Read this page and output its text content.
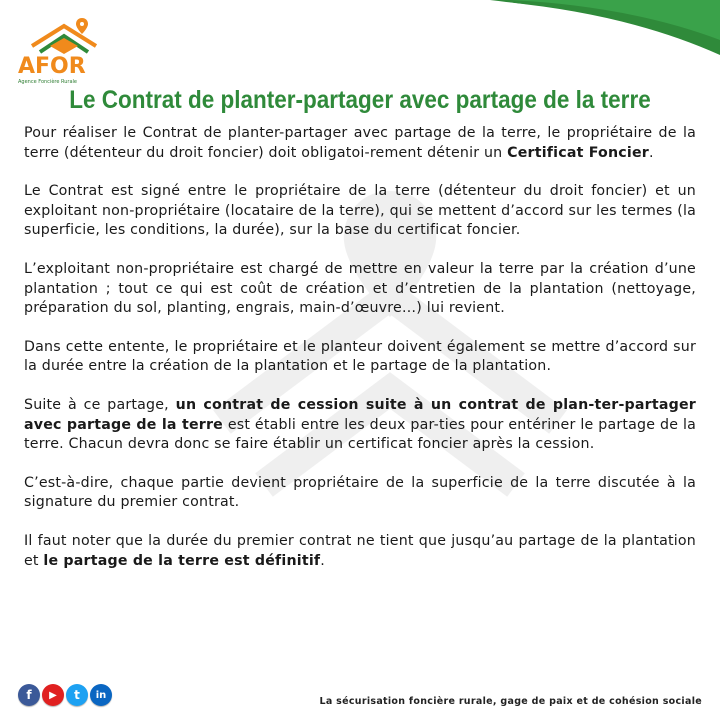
AFOR
Agence Foncière Rurale
Le Contrat de planter-partager avec partage de la terre

Pour réaliser le Contrat de planter-partager avec partage de la terre, le propriétaire de la terre (détenteur du droit foncier) doit obligatoi-rement détenir un Certificat Foncier.

Le Contrat est signé entre le propriétaire de la terre (détenteur du droit foncier) et un exploitant non-propriétaire (locataire de la terre), qui se mettent d’accord sur les termes (la superficie, les conditions, la durée), sur la base du certificat foncier.

L’exploitant non-propriétaire est chargé de mettre en valeur la terre par la création d’une plantation ; tout ce qui est coût de création et d’entretien de la plantation (nettoyage, préparation du sol, planting, engrais, main-d’œuvre…) lui revient.

Dans cette entente, le propriétaire et le planteur doivent également se mettre d’accord sur la durée entre la création de la plantation et le partage de la plantation.

Suite à ce partage, un contrat de cession suite à un contrat de plan-ter-partager avec partage de la terre est établi entre les deux par-ties pour entériner le partage de la terre. Chacun devra donc se faire établir un certificat foncier après la cession.

C’est-à-dire, chaque partie devient propriétaire de la superficie de la terre discutée à la signature du premier contrat.

Il faut noter que la durée du premier contrat ne tient que jusqu’au partage de la plantation et le partage de la terre est définitif.

f	▶	t	in
La sécurisation foncière rurale, gage de paix et de cohésion sociale
